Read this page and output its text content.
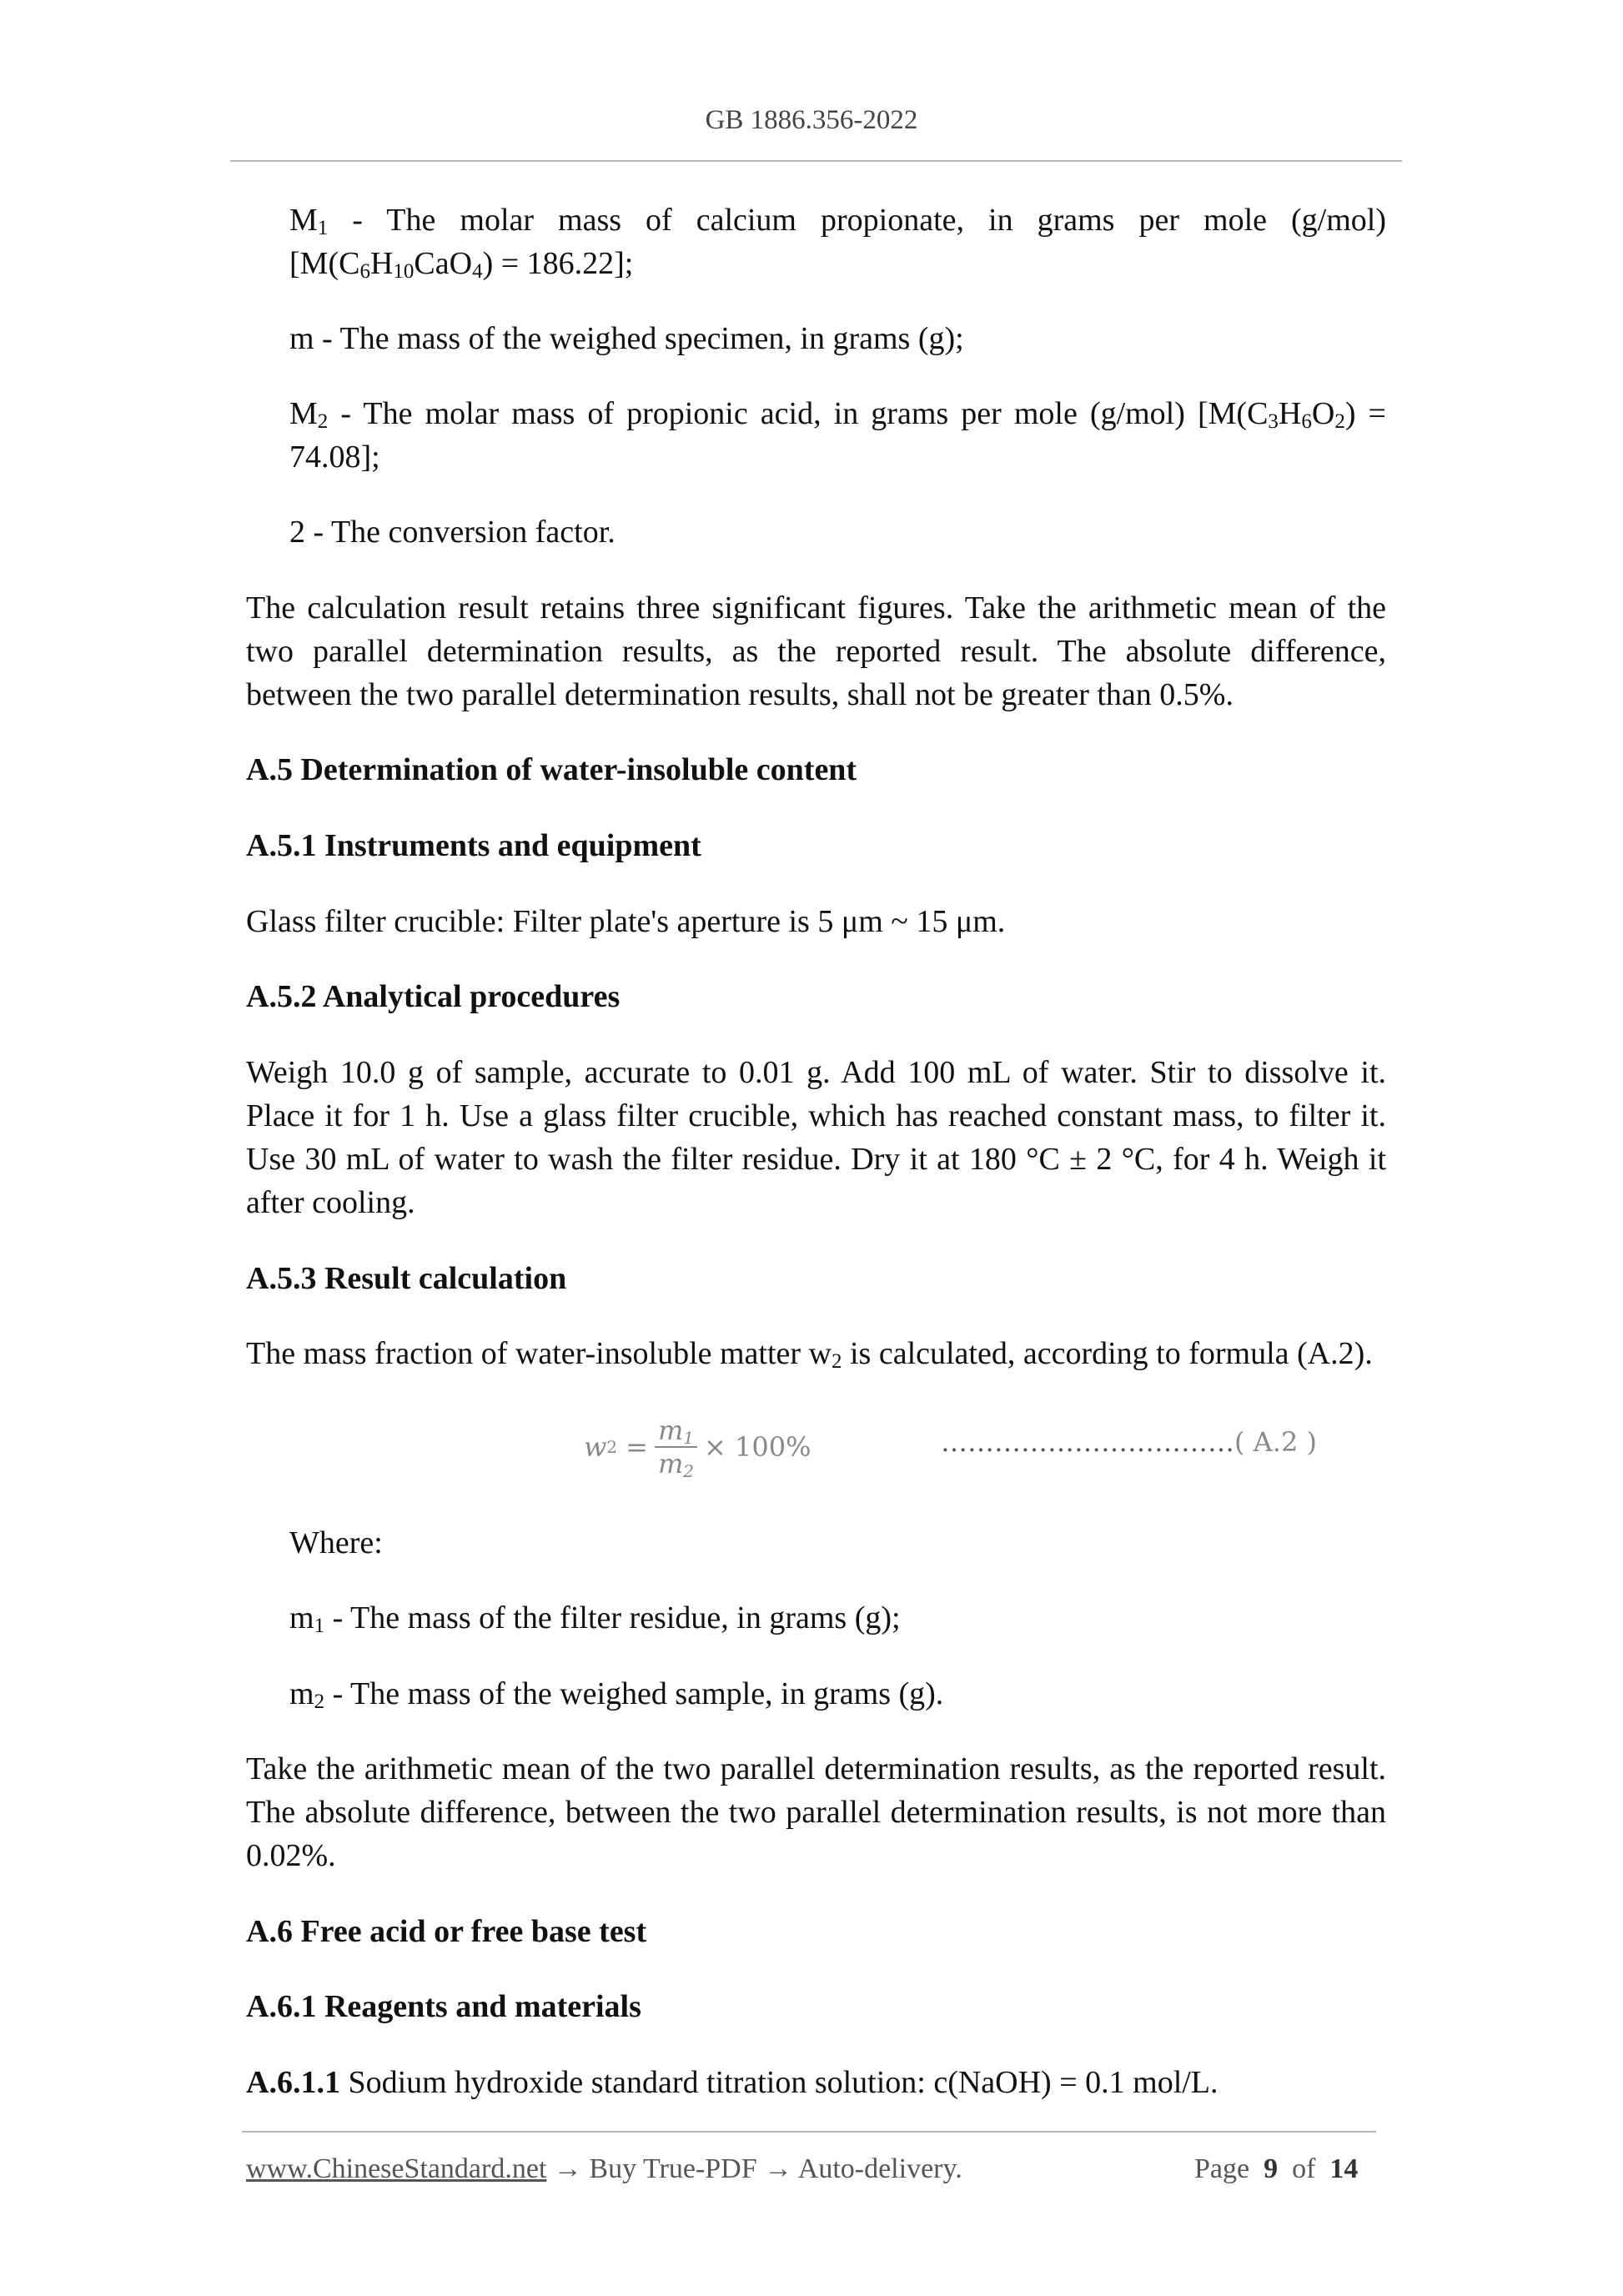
GB 1886.356-2022
$M_1$ - The molar mass of calcium propionate, in grams per mole (g/mol) $[M(C_6H_{10}CaO_4) = 186.22]$;
m - The mass of the weighed specimen, in grams (g);
$M_2$ - The molar mass of propionic acid, in grams per mole (g/mol) $[M(C_3H_6O_2) = 74.08]$;
2 - The conversion factor.
The calculation result retains three significant figures. Take the arithmetic mean of the two parallel determination results, as the reported result. The absolute difference, between the two parallel determination results, shall not be greater than 0.5%.
A.5 Determination of water-insoluble content
A.5.1 Instruments and equipment
Glass filter crucible: Filter plate's aperture is 5 μm ~ 15 μm.
A.5.2 Analytical procedures
Weigh 10.0 g of sample, accurate to 0.01 g. Add 100 mL of water. Stir to dissolve it. Place it for 1 h. Use a glass filter crucible, which has reached constant mass, to filter it. Use 30 mL of water to wash the filter residue. Dry it at 180 °C ± 2 °C, for 4 h. Weigh it after cooling.
A.5.3 Result calculation
The mass fraction of water-insoluble matter $w_2$ is calculated, according to formula (A.2).
w $2 = \frac{m_1}{m_2} \times 100\%$	……………………………( A.2 )
Where:
$m_1$ - The mass of the filter residue, in grams (g);
$m_2$ - The mass of the weighed sample, in grams (g).
Take the arithmetic mean of the two parallel determination results, as the reported result. The absolute difference, between the two parallel determination results, is not more than 0.02%.
A.6 Free acid or free base test
A.6.1 Reagents and materials
A.6.1.1 Sodium hydroxide standard titration solution: c(NaOH) = 0.1 mol/L.
www.ChineseStandard.net → Buy True-PDF → Auto-delivery.	Page 9 of 14
